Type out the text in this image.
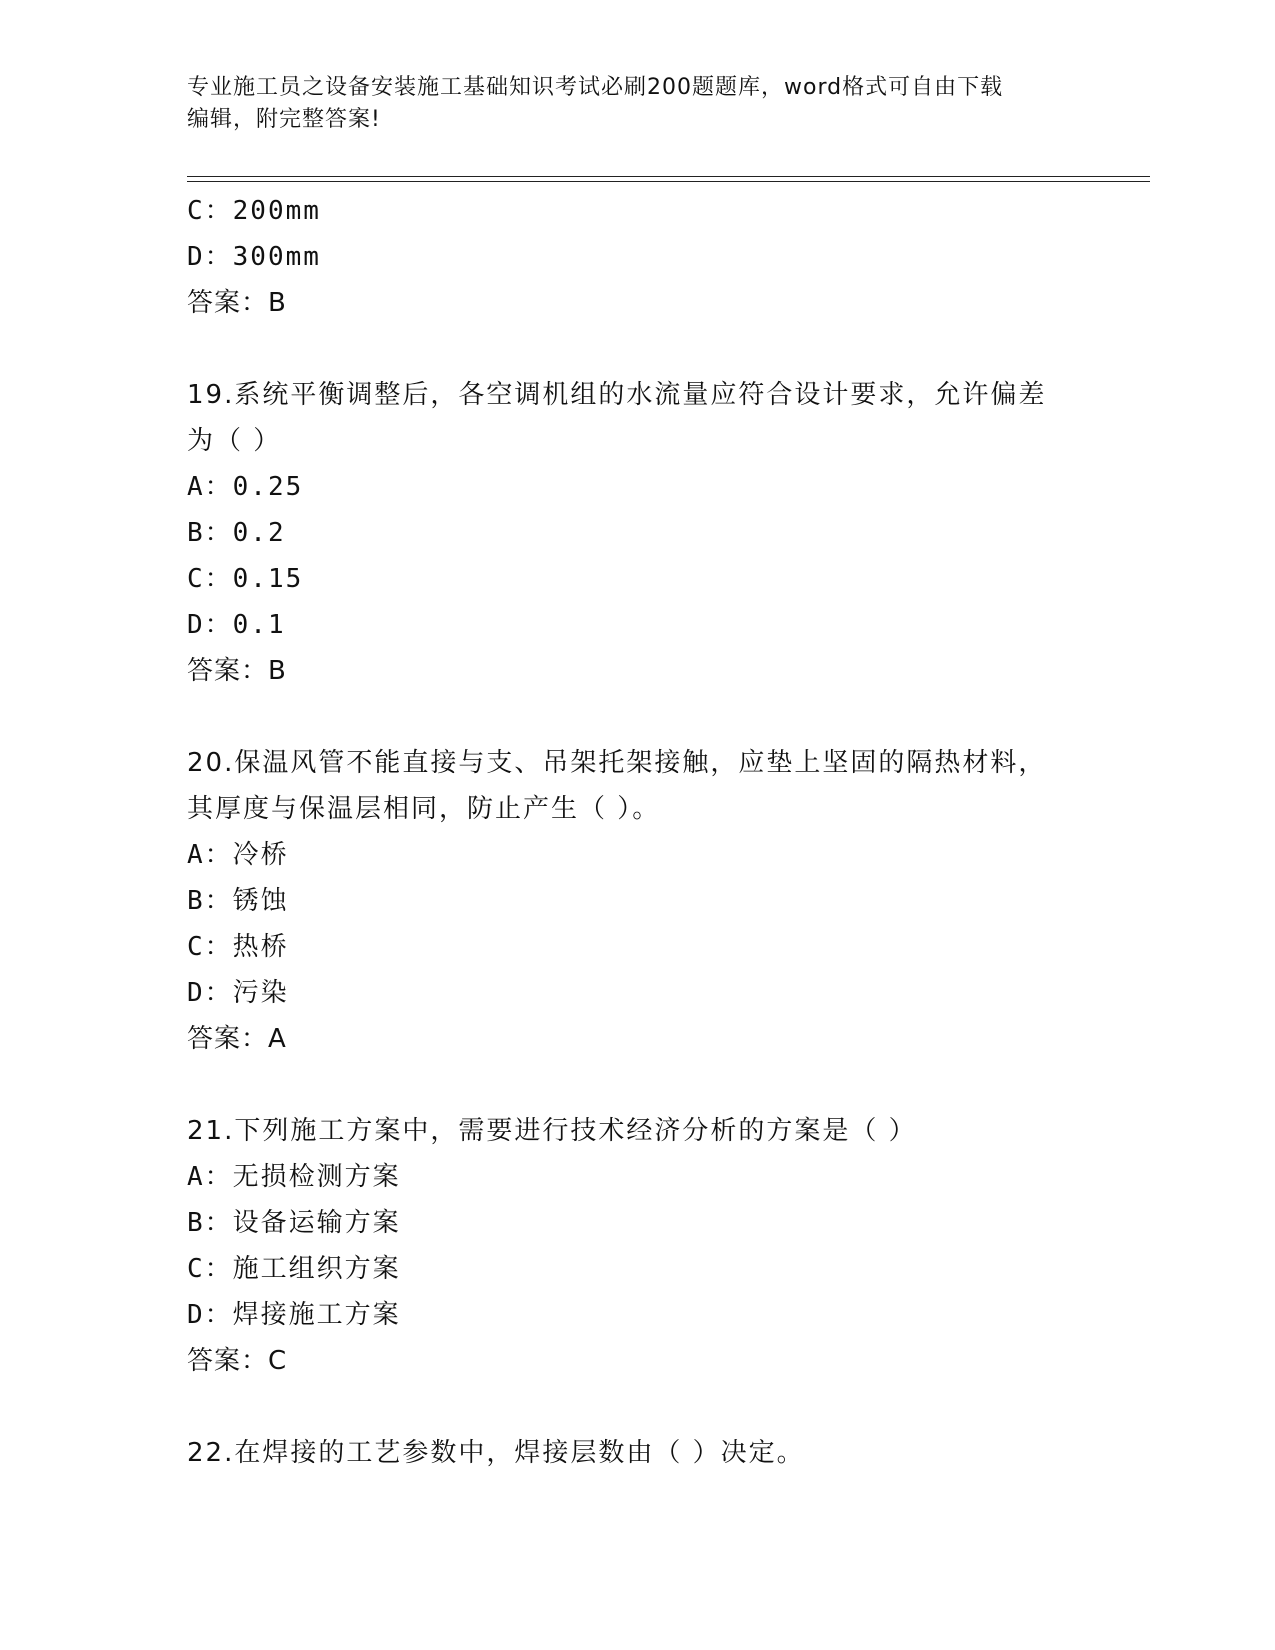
专业施工员之设备安装施工基础知识考试必刷200题题库，word格式可自由下载
编辑，附完整答案!
C：200mm
D：300mm
答案：B
19.系统平衡调整后，各空调机组的水流量应符合设计要求，允许偏差
为（ ）
A：0.25
B：0.2
C：0.15
D：0.1
答案：B
20.保温风管不能直接与支、吊架托架接触，应垫上坚固的隔热材料，
其厚度与保温层相同，防止产生（ ）。
A：冷桥
B：锈蚀
C：热桥
D：污染
答案：A
21.下列施工方案中，需要进行技术经济分析的方案是（ ）
A：无损检测方案
B：设备运输方案
C：施工组织方案
D：焊接施工方案
答案：C
22.在焊接的工艺参数中，焊接层数由（ ）决定。
